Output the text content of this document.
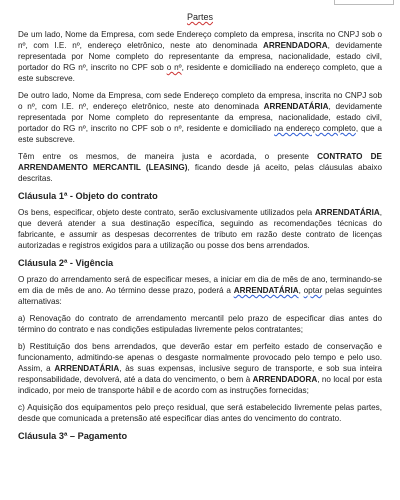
Partes

De um lado, Nome da Empresa, com sede Endereço completo da empresa, inscrita no CNPJ sob o nº, com I.E. nº, endereço eletrônico, neste ato denominada ARRENDADORA, devidamente representada por Nome completo do representante da empresa, nacionalidade, estado civil, portador do RG nº, inscrito no CPF sob o nº, residente e domiciliado na endereço completo, que a este subscreve.

De outro lado, Nome da Empresa, com sede Endereço completo da empresa, inscrita no CNPJ sob o nº, com I.E. nº, endereço eletrônico, neste ato denominada ARRENDATÁRIA, devidamente representada por Nome completo do representante da empresa, nacionalidade, estado civil, portador do RG nº, inscrito no CPF sob o nº, residente e domiciliado na endereço completo, que a este subscreve.

Têm entre os mesmos, de maneira justa e acordada, o presente CONTRATO DE ARRENDAMENTO MERCANTIL (LEASING), ficando desde já aceito, pelas cláusulas abaixo descritas.

Cláusula 1ª - Objeto do contrato

Os bens, especificar, objeto deste contrato, serão exclusivamente utilizados pela ARRENDATÁRIA, que deverá atender a sua destinação específica, seguindo as recomendações técnicas do fabricante, e assumir as despesas decorrentes de tributo em razão deste contrato de licenças autorizadas e registros exigidos para a utilização ou posse dos bens arrendados.

Cláusula 2ª - Vigência

O prazo do arrendamento será de especificar meses, a iniciar em dia de mês de ano, terminando-se em dia de mês de ano. Ao término desse prazo, poderá a ARRENDATÁRIA, optar pelas seguintes alternativas:

a) Renovação do contrato de arrendamento mercantil pelo prazo de especificar dias antes do término do contrato e nas condições estipuladas livremente pelos contratantes;

b) Restituição dos bens arrendados, que deverão estar em perfeito estado de conservação e funcionamento, admitindo-se apenas o desgaste normalmente provocado pelo tempo e pelo uso. Assim, a ARRENDATÁRIA, às suas expensas, inclusive seguro de transporte, e sob sua inteira responsabilidade, devolverá, até a data do vencimento, o bem à ARRENDADORA, no local por esta indicado, por meio de transporte hábil e de acordo com as instruções fornecidas;

c) Aquisição dos equipamentos pelo preço residual, que será estabelecido livremente pelas partes, desde que comunicada a pretensão até especificar dias antes do vencimento do contrato.

Cláusula 3ª – Pagamento
